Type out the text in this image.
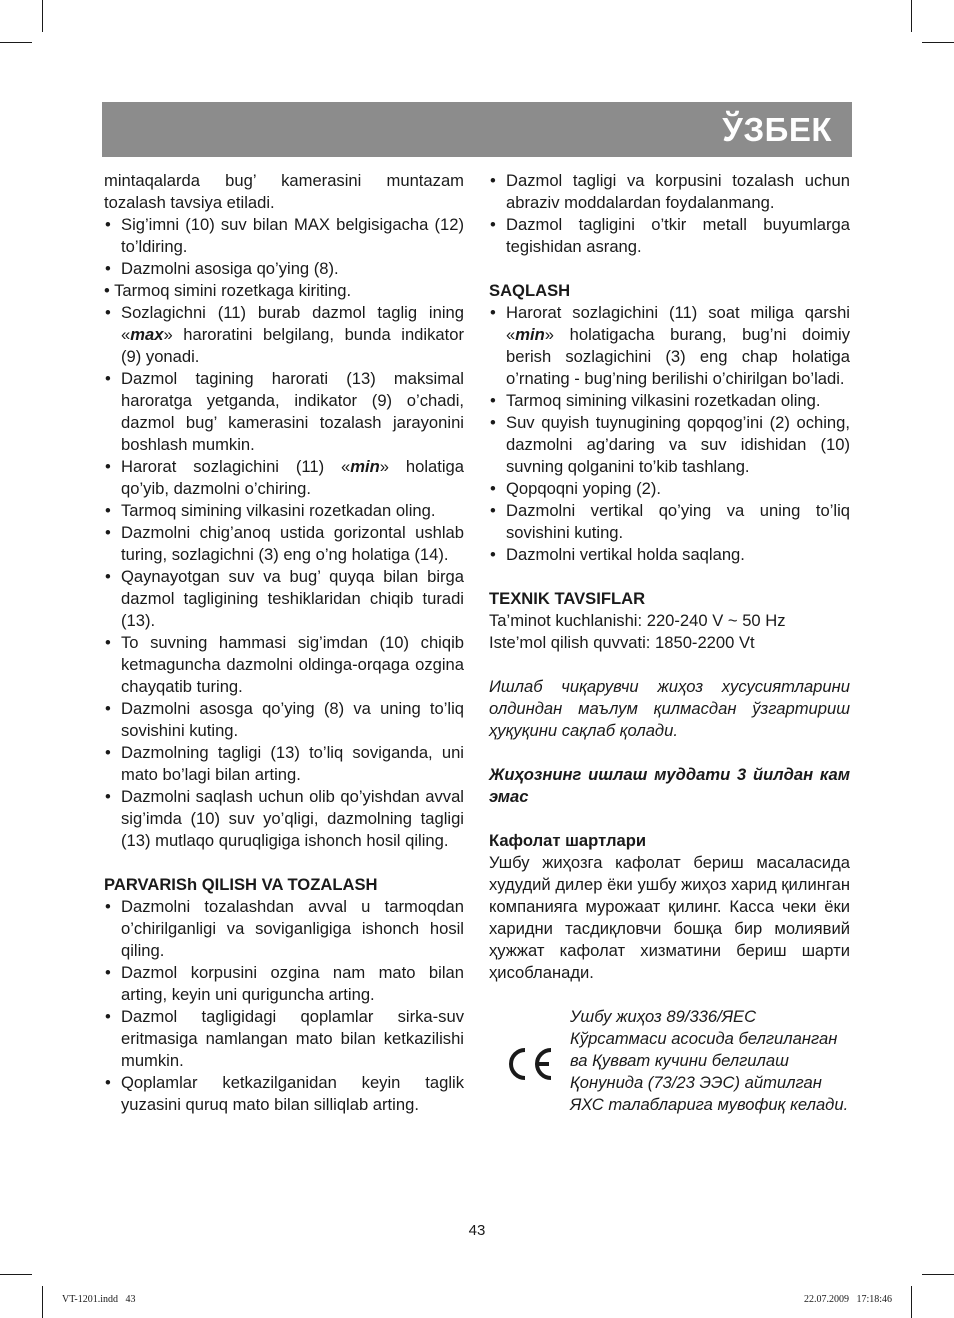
ЎЗБЕК

mintaqalarda bug’ kamerasini muntazam tozalash tavsiya etiladi.

• Sig’imni (10) suv bilan MAX belgisigacha (12) to’ldiring.
• Dazmolni asosiga qo’ying (8).

• Tarmoq simini rozetkaga kiriting.

• Sozlagichni (11) burab dazmol taglig ining «max» haroratini belgilang, bunda indikator (9) yonadi.
• Dazmol tagining harorati (13) maksimal haroratga yetganda, indikator (9) o’chadi, dazmol bug’ kamerasini tozalash jarayonini boshlash mumkin.
• Harorat sozlagichini (11) «min» holatiga qo’yib, dazmolni o’chiring.
• Tarmoq simining vilkasini rozetkadan oling.
• Dazmolni chig’anoq ustida gorizontal ushlab turing, sozlagichni (3) eng o’ng holatiga (14).
• Qaynayotgan suv va bug’ quyqa bilan birga dazmol tagligining teshiklaridan chiqib turadi (13).
• To suvning hammasi sig’imdan (10) chiqib ketmaguncha dazmolni oldinga-orqaga ozgina chayqatib turing.
• Dazmolni asosga qo’ying (8) va uning to’liq sovishini kuting.
• Dazmolning tagligi (13) to’liq soviganda, uni mato bo’lagi bilan arting.
• Dazmolni saqlash uchun olib qo’yishdan avval sig’imda (10) suv yo’qligi, dazmolning tagligi (13) mutlaqo quruqligiga ishonch hosil qiling.

PARVARISh QILISH VA TOZALASH

• Dazmolni tozalashdan avval u tarmoqdan o’chirilganligi va soviganligiga ishonch hosil qiling.
• Dazmol korpusini ozgina nam mato bilan arting, keyin uni quriguncha arting.
• Dazmol tagligidagi qoplamlar sirka-suv eritmasiga namlangan mato bilan ketkazilishi mumkin.
• Qoplamlar ketkazilganidan keyin taglik yuzasini quruq mato bilan silliqlab arting.
• Dazmol tagligi va korpusini tozalash uchun abraziv moddalardan foydalanmang.
• Dazmol tagligini o’tkir metall buyumlarga tegishidan asrang.

SAQLASH

• Harorat sozlagichini (11) soat miliga qarshi «min» holatigacha burang, bug’ni doimiy berish sozlagichini (3) eng chap holatiga o’rnating - bug’ning berilishi o’chirilgan bo’ladi.
• Tarmoq simining vilkasini rozetkadan oling.
• Suv quyish tuynugining qopqog’ini (2) oching, dazmolni ag’daring va suv idishidan (10) suvning qolganini to’kib tashlang.
• Qopqoqni yoping (2).
• Dazmolni vertikal qo’ying va uning to’liq sovishini kuting.
• Dazmolni vertikal holda saqlang.

TEXNIK TAVSIFLAR

Ta’minot kuchlanishi: 220-240 V ~ 50 Hz

Iste’mol qilish quvvati: 1850-2200 Vt

Ишлаб чиқарувчи жиҳоз хусусиятларини олдиндан маълум қилмасдан ўзгартириш ҳуқуқини сақлаб қолади.

Жиҳознинг ишлаш муддати 3 йилдан кам эмас

Кафолат шартлари

Ушбу жиҳозга кафолат бериш масаласида худудий дилер ёки ушбу жиҳоз харид қилинган компанияга мурожаат қилинг. Касса чеки ёки харидни тасдиқловчи бошқа бир молиявий ҳужжат кафолат хизматини бериш шарти ҳисобланади.

Ушбу жиҳоз 89/336/ЯЕС Кўрсатмаси асосида белгиланган ва Қувват кучини белгилаш Қонунида (73/23 ЭЭС) айтилган ЯХС талабларига мувофиқ келади.

43
VT-1201.indd   43	22.07.2009   17:18:46
